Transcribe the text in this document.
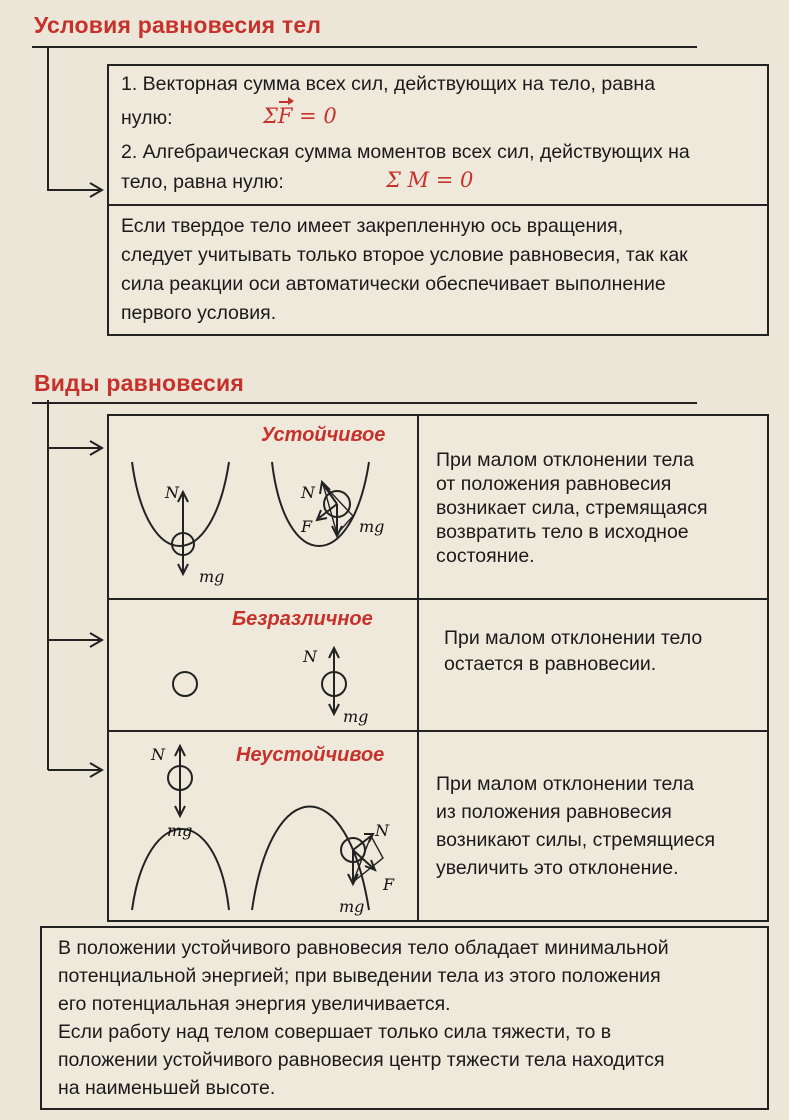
Условия равновесия тел
1. Векторная сумма всех сил, действующих на тело, равна
нулю:	ΣF = 0
2. Алгебраическая сумма моментов всех сил, действующих на
тело, равна нулю:	Σ M = 0
Если твердое тело имеет закрепленную ось вращения,
следует учитывать только второе условие равновесия, так как
сила реакции оси автоматически обеспечивает выполнение
первого условия.
Виды равновесия
Устойчивое
При малом отклонении тела
от положения равновесия
возникает сила, стремящаяся
возвратить тело в исходное
состояние.
N
mg
N
mg
F
Безразличное
При малом отклонении тело
остается в равновесии.
N
mg
Неустойчивое
При малом отклонении тела
из положения равновесия
возникают силы, стремящиеся
увеличить это отклонение.
N
mg	N
F
mg
В положении устойчивого равновесия тело обладает минимальной
потенциальной энергией; при выведении тела из этого положения
его потенциальная энергия увеличивается.
Если работу над телом совершает только сила тяжести, то в
положении устойчивого равновесия центр тяжести тела находится
на наименьшей высоте.
